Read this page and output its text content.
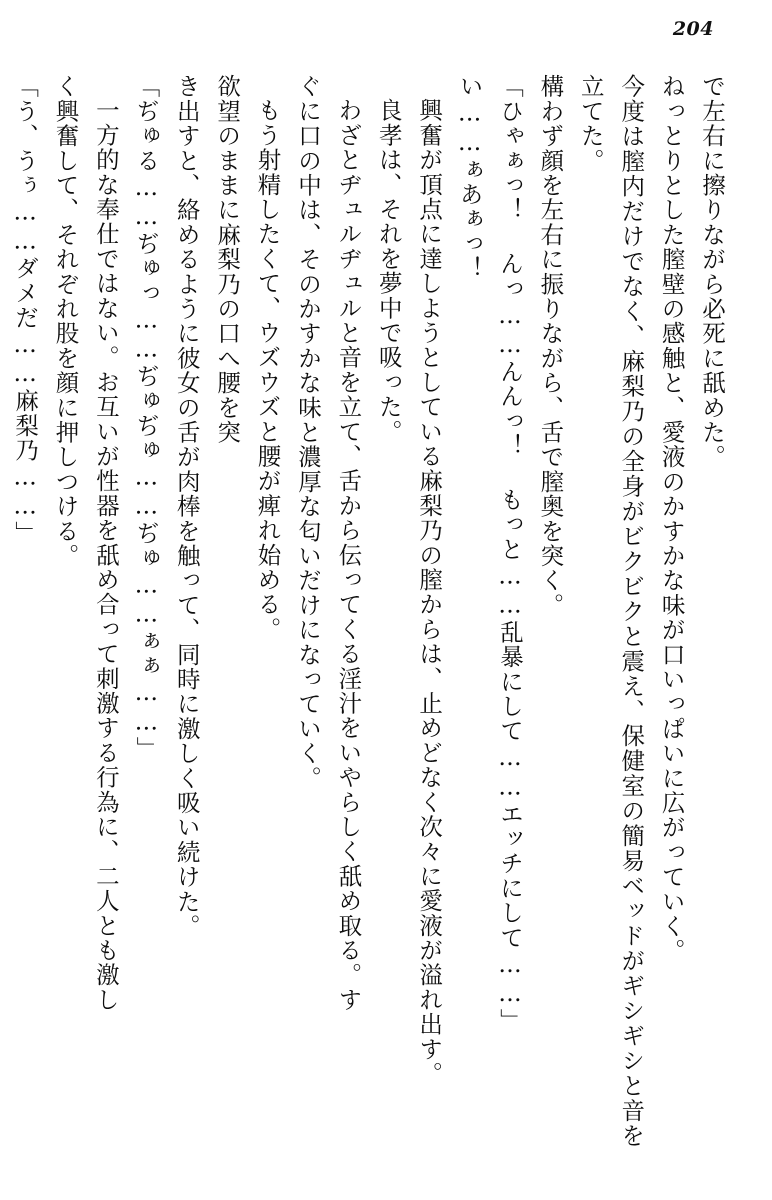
204

で左右に擦りながら必死に舐めた。

ねっとりとした膣壁の感触と、愛液のかすかな味が口いっぱいに広がっていく。

今度は膣内だけでなく、麻梨乃の全身がビクビクと震え、保健室の簡易ベッドがギシギシと音を立てた。

構わず顔を左右に振りながら、舌で膣奥を突く。

「ひゃぁっ！ んっ……んんっ！ もっと……乱暴にして……エッチにして……」

い……ぁあぁっ！

興奮が頂点に達しようとしている麻梨乃の膣からは、止めどなく次々に愛液が溢れ出す。

良孝は、それを夢中で吸った。

わざとヂュルヂュルと音を立て、舌から伝ってくる淫汁をいやらしく舐め取る。す

ぐに口の中は、そのかすかな味と濃厚な匂いだけになっていく。

もう射精したくて、ウズウズと腰が痺れ始める。

欲望のままに麻梨乃の口へ腰を突

き出すと、絡めるように彼女の舌が肉棒を触って、同時に激しく吸い続けた。

「ぢゅる……ぢゅっ……ぢゅぢゅ……ぢゅ……ぁぁ……」

一方的な奉仕ではない。お互いが性器を舐め合って刺激する行為に、二人とも激し

く興奮して、それぞれ股を顔に押しつける。

「う、うぅ……ダメだ……麻梨乃……」
